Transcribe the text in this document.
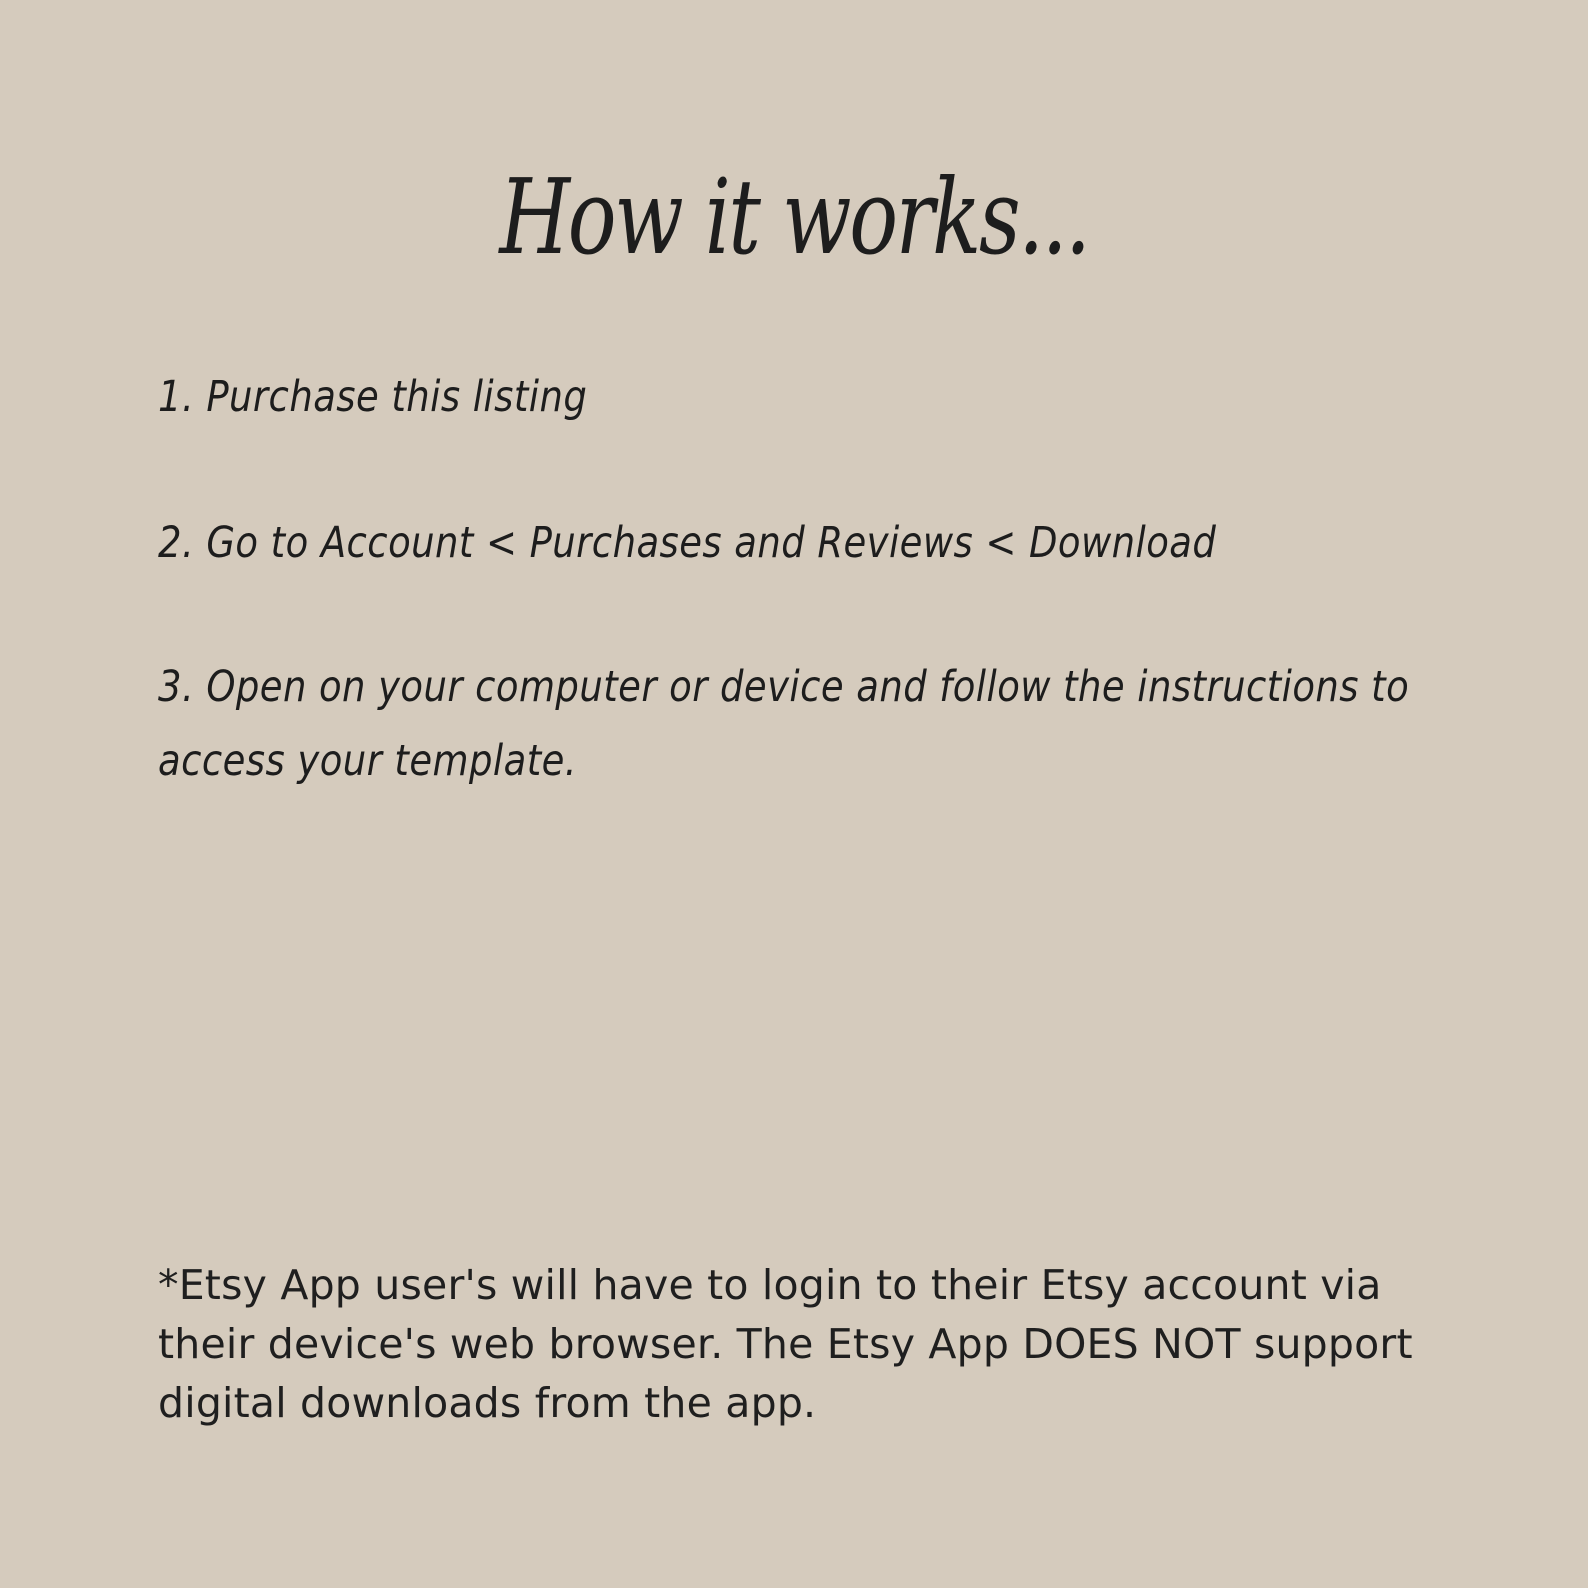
How it works...

1. Purchase this listing

2. Go to Account < Purchases and Reviews < Download

3. Open on your computer or device and follow the instructions to access your template.

*Etsy App user's will have to login to their Etsy account via their device's web browser. The Etsy App DOES NOT support digital downloads from the app.
